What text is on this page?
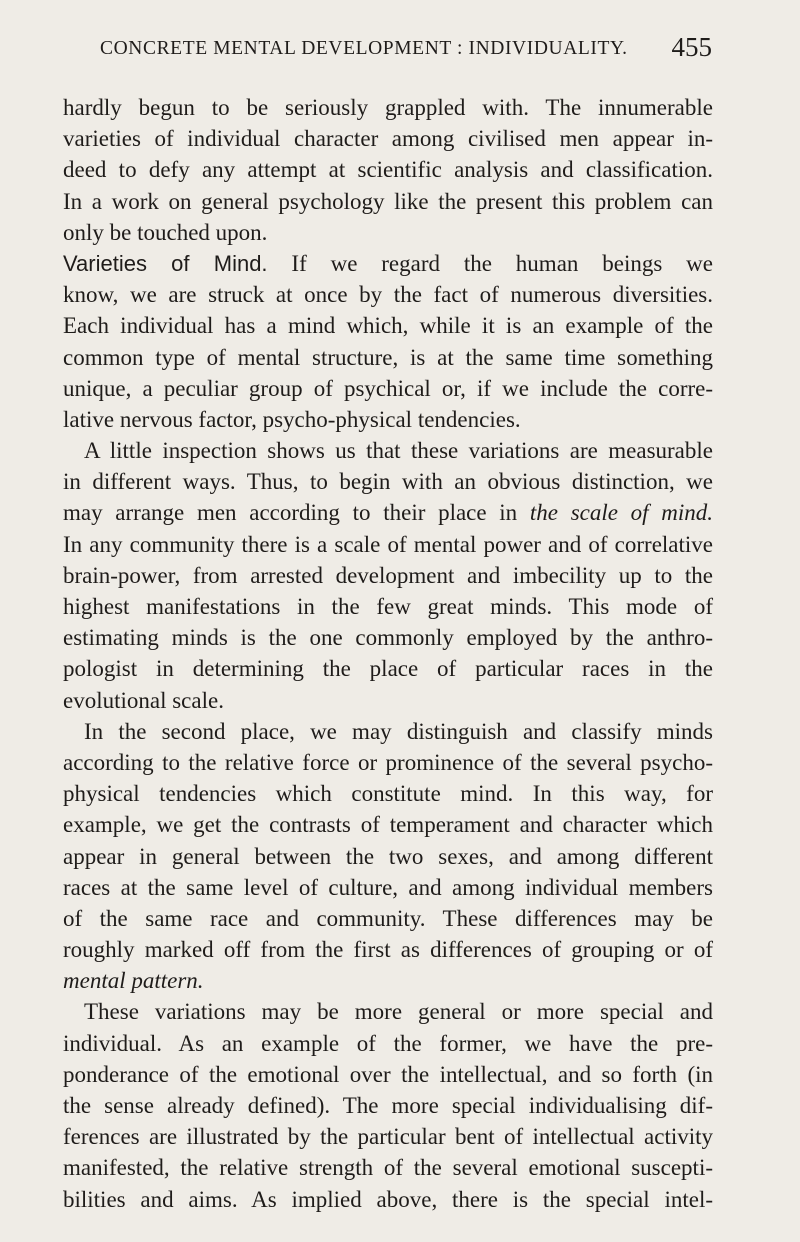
CONCRETE MENTAL DEVELOPMENT : INDIVIDUALITY. 455
hardly begun to be seriously grappled with. The innumerable
varieties of individual character among civilised men appear in-
deed to defy any attempt at scientific analysis and classification.
In a work on general psychology like the present this problem can
only be touched upon.
Varieties of Mind. If we regard the human beings we
know, we are struck at once by the fact of numerous diversities.
Each individual has a mind which, while it is an example of the
common type of mental structure, is at the same time something
unique, a peculiar group of psychical or, if we include the corre-
lative nervous factor, psycho-physical tendencies.
A little inspection shows us that these variations are measurable
in different ways. Thus, to begin with an obvious distinction, we
may arrange men according to their place in the scale of mind.
In any community there is a scale of mental power and of correlative
brain-power, from arrested development and imbecility up to the
highest manifestations in the few great minds. This mode of
estimating minds is the one commonly employed by the anthro-
pologist in determining the place of particular races in the
evolutional scale.
In the second place, we may distinguish and classify minds
according to the relative force or prominence of the several psycho-
physical tendencies which constitute mind. In this way, for
example, we get the contrasts of temperament and character which
appear in general between the two sexes, and among different
races at the same level of culture, and among individual members
of the same race and community. These differences may be
roughly marked off from the first as differences of grouping or of
mental pattern.
These variations may be more general or more special and
individual. As an example of the former, we have the pre-
ponderance of the emotional over the intellectual, and so forth (in
the sense already defined). The more special individualising dif-
ferences are illustrated by the particular bent of intellectual activity
manifested, the relative strength of the several emotional suscepti-
bilities and aims. As implied above, there is the special intel-
